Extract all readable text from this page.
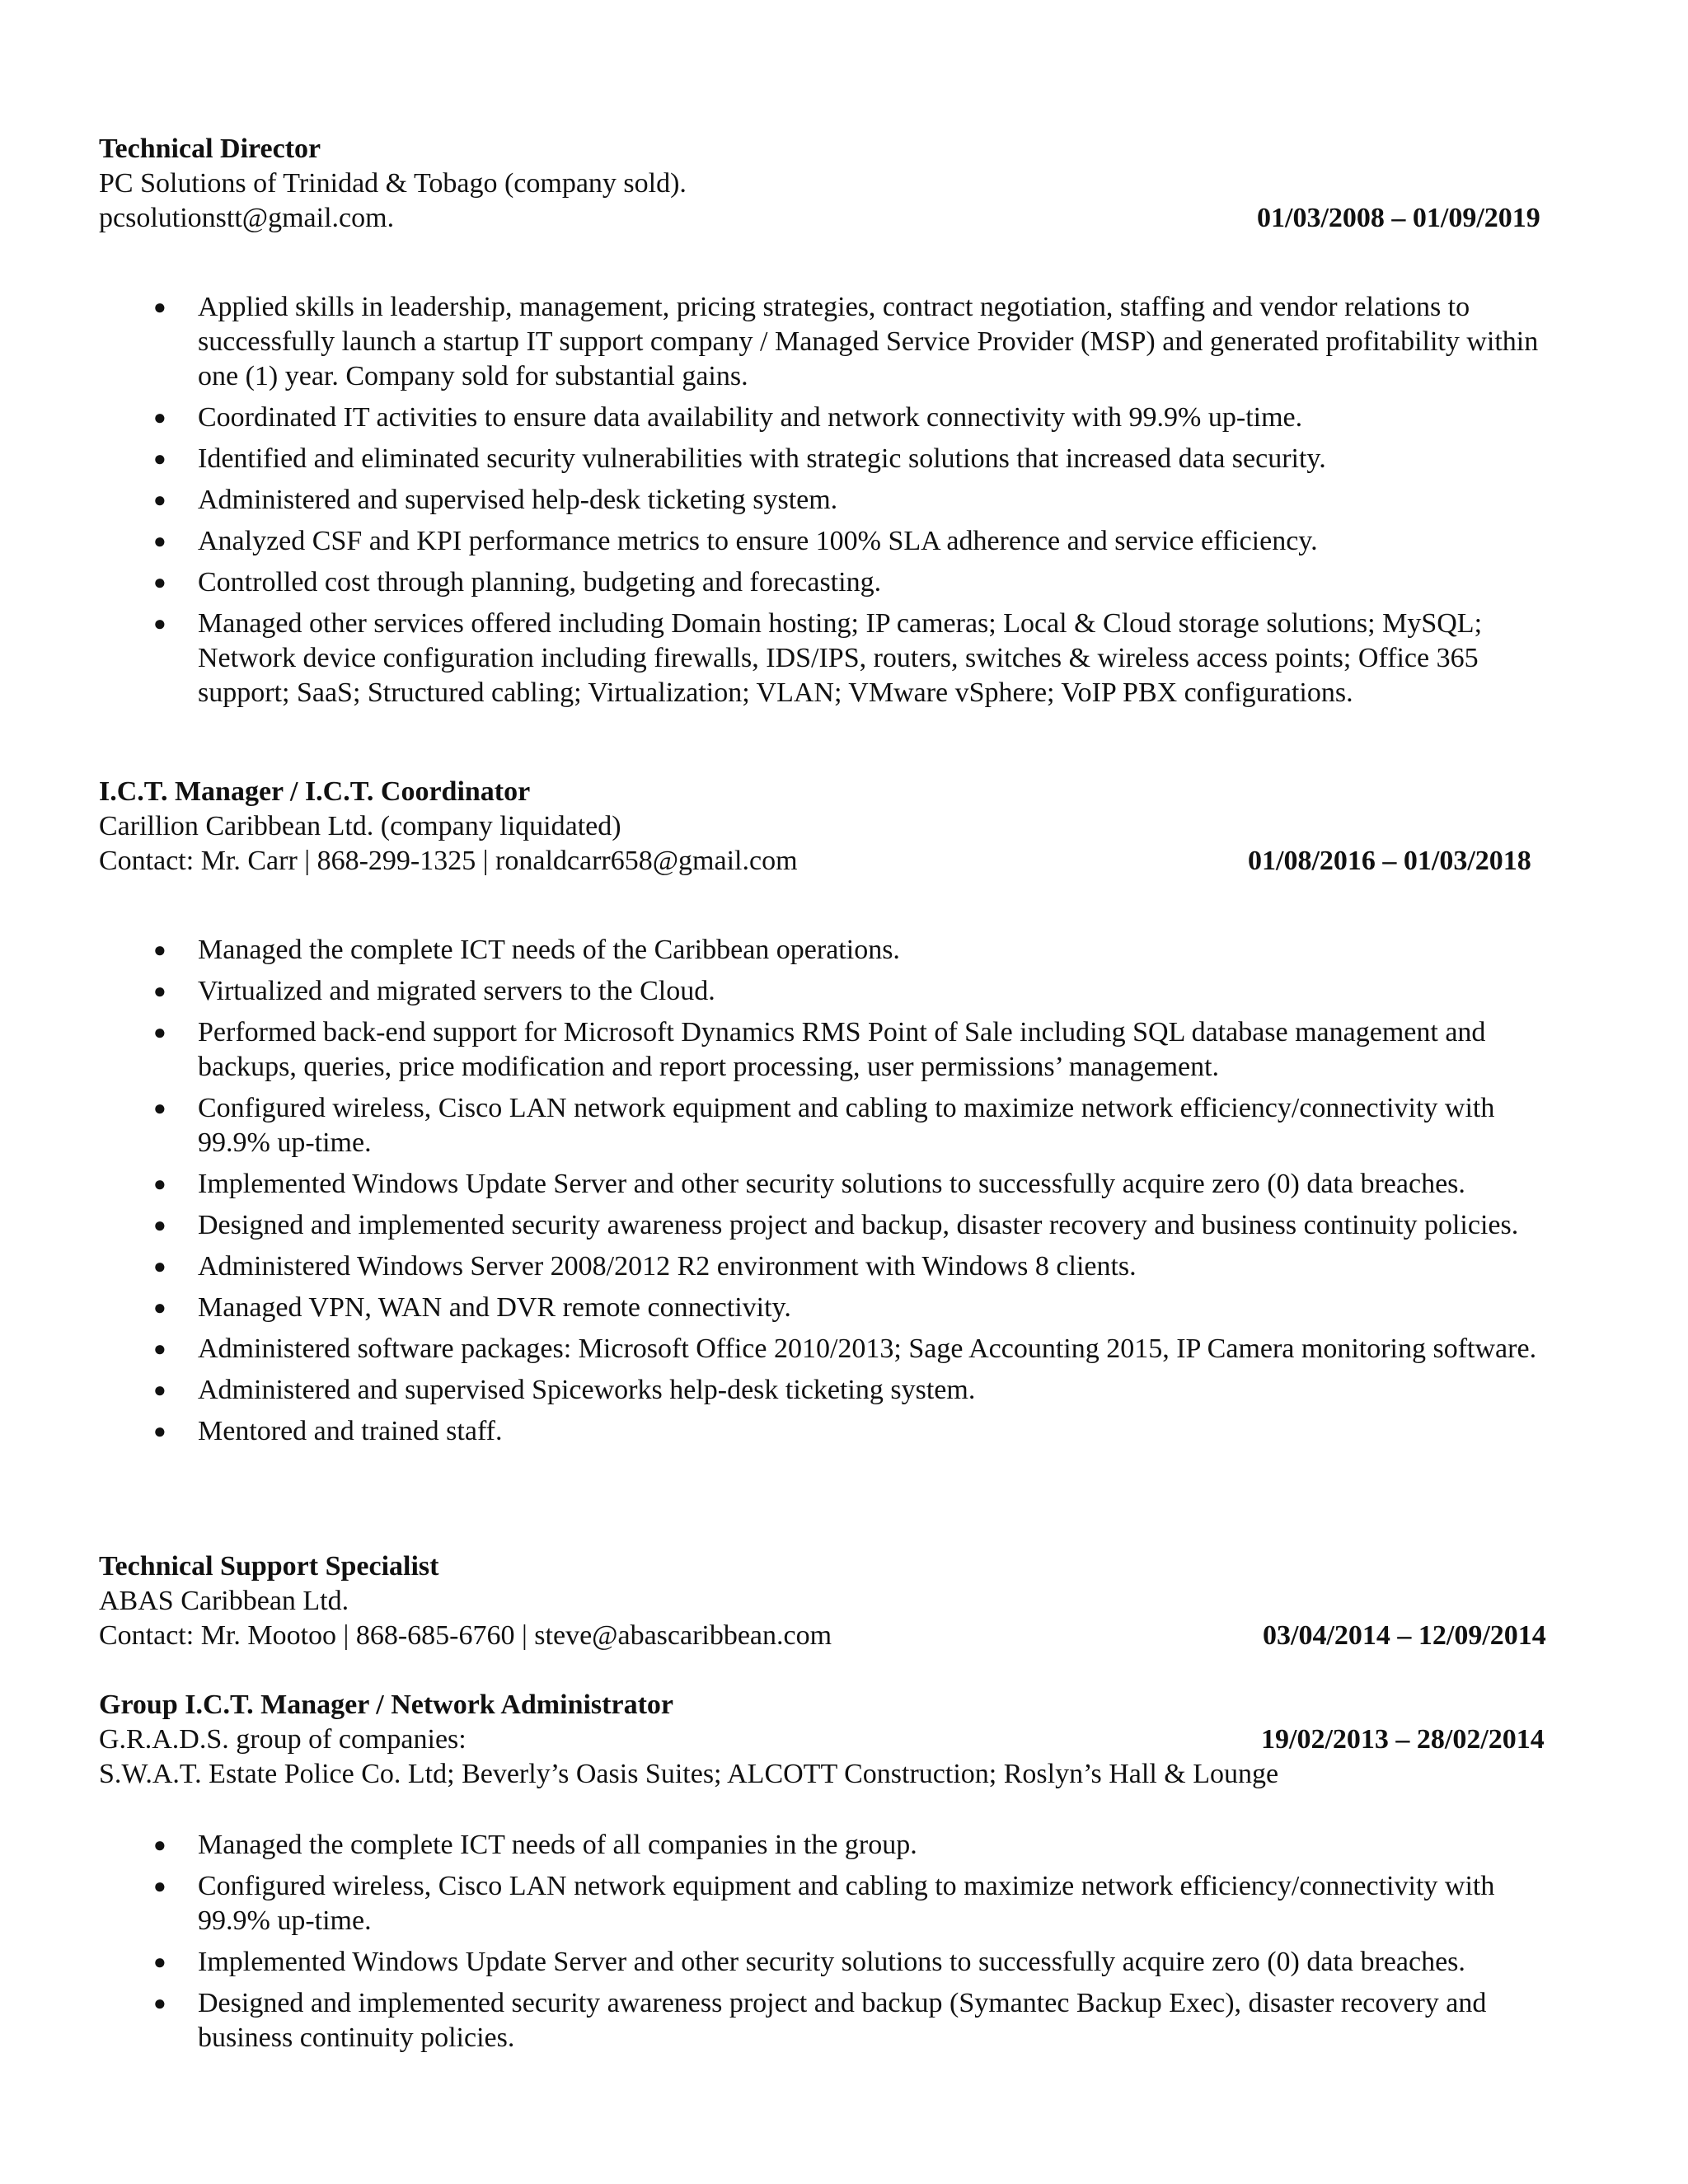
Technical Director
PC Solutions of Trinidad & Tobago (company sold).
pcsolutionstt@gmail.com.	01/03/2008 – 01/09/2019
● Applied skills in leadership, management, pricing strategies, contract negotiation, staffing and vendor relations to successfully launch a startup IT support company / Managed Service Provider (MSP) and generated profitability within one (1) year. Company sold for substantial gains.
● Coordinated IT activities to ensure data availability and network connectivity with 99.9% up-time.
● Identified and eliminated security vulnerabilities with strategic solutions that increased data security.
● Administered and supervised help-desk ticketing system.
● Analyzed CSF and KPI performance metrics to ensure 100% SLA adherence and service efficiency.
● Controlled cost through planning, budgeting and forecasting.
● Managed other services offered including Domain hosting; IP cameras; Local & Cloud storage solutions; MySQL; Network device configuration including firewalls, IDS/IPS, routers, switches & wireless access points; Office 365 support; SaaS; Structured cabling; Virtualization; VLAN; VMware vSphere; VoIP PBX configurations.
I.C.T. Manager / I.C.T. Coordinator
Carillion Caribbean Ltd. (company liquidated)
Contact: Mr. Carr | 868-299-1325 | ronaldcarr658@gmail.com	01/08/2016 – 01/03/2018
● Managed the complete ICT needs of the Caribbean operations.
● Virtualized and migrated servers to the Cloud.
● Performed back-end support for Microsoft Dynamics RMS Point of Sale including SQL database management and backups, queries, price modification and report processing, user permissions’ management.
● Configured wireless, Cisco LAN network equipment and cabling to maximize network efficiency/connectivity with 99.9% up-time.
● Implemented Windows Update Server and other security solutions to successfully acquire zero (0) data breaches.
● Designed and implemented security awareness project and backup, disaster recovery and business continuity policies.
● Administered Windows Server 2008/2012 R2 environment with Windows 8 clients.
● Managed VPN, WAN and DVR remote connectivity.
● Administered software packages: Microsoft Office 2010/2013; Sage Accounting 2015, IP Camera monitoring software.
● Administered and supervised Spiceworks help-desk ticketing system.
● Mentored and trained staff.
Technical Support Specialist
ABAS Caribbean Ltd.
Contact: Mr. Mootoo | 868-685-6760 | steve@abascaribbean.com	03/04/2014 – 12/09/2014
Group I.C.T. Manager / Network Administrator
G.R.A.D.S. group of companies:	19/02/2013 – 28/02/2014
S.W.A.T. Estate Police Co. Ltd; Beverly’s Oasis Suites; ALCOTT Construction; Roslyn’s Hall & Lounge
● Managed the complete ICT needs of all companies in the group.
● Configured wireless, Cisco LAN network equipment and cabling to maximize network efficiency/connectivity with 99.9% up-time.
● Implemented Windows Update Server and other security solutions to successfully acquire zero (0) data breaches.
● Designed and implemented security awareness project and backup (Symantec Backup Exec), disaster recovery and business continuity policies.
